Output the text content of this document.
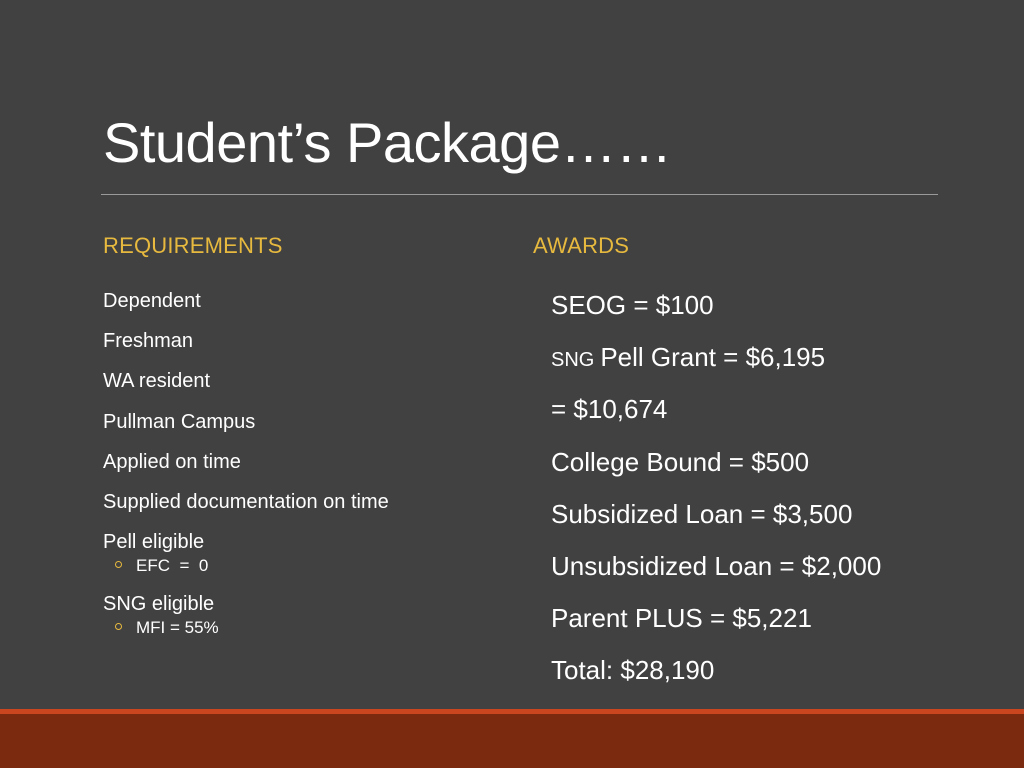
Student’s Package……
REQUIREMENTS	AWARDS
Dependent
Freshman
WA resident
Pullman Campus
Applied on time
Supplied documentation on time
Pell eligible
EFC  =  0
SNG eligible
MFI = 55%
SEOG = $100
SNG Pell Grant = $6,195
= $10,674
College Bound = $500
Subsidized Loan = $3,500
Unsubsidized Loan = $2,000
Parent PLUS = $5,221
Total: $28,190
